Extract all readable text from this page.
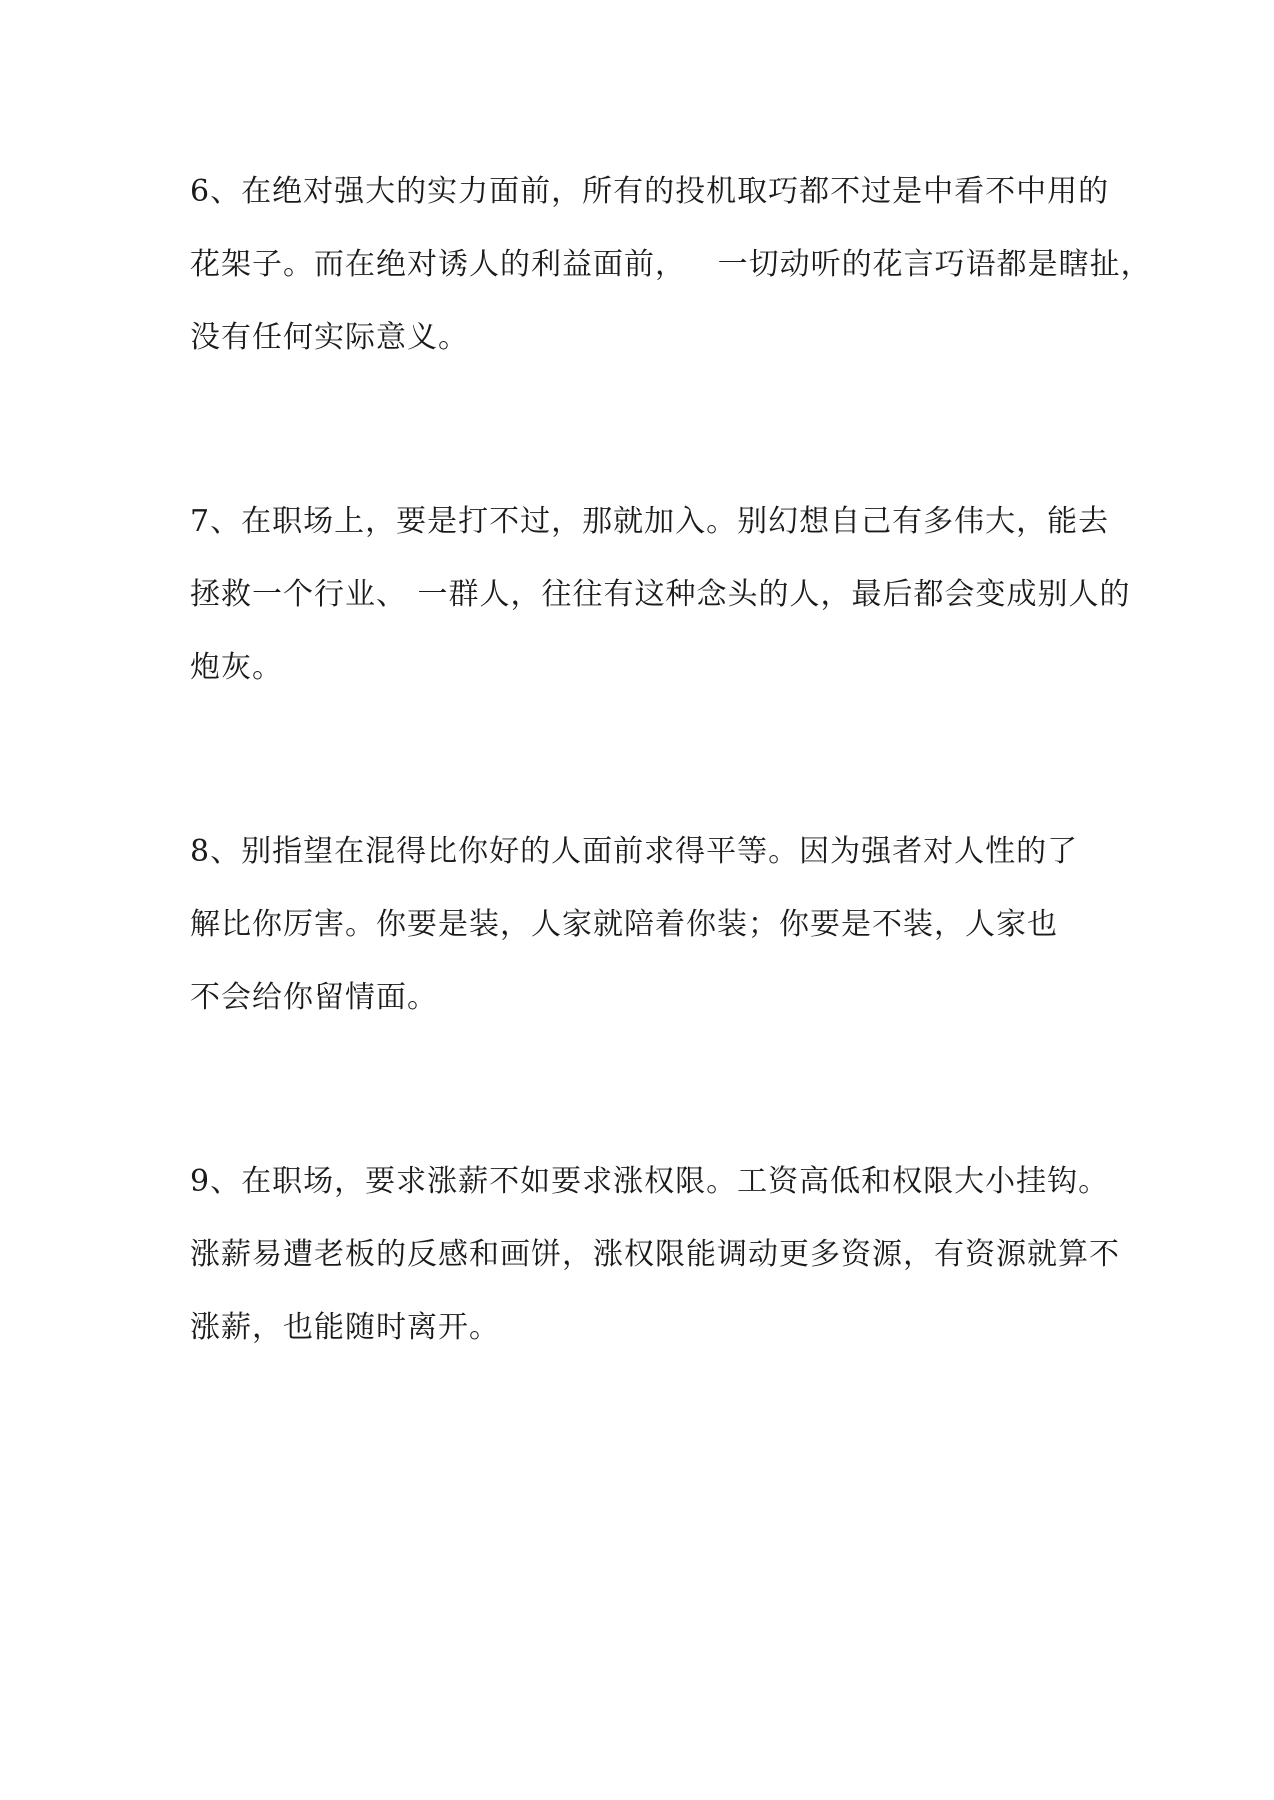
6、在绝对强大的实力面前，所有的投机取巧都不过是中看不中用的
花架子。而在绝对诱人的利益面前，   一切动听的花言巧语都是瞎扯，
没有任何实际意义。
7、在职场上，要是打不过，那就加入。别幻想自己有多伟大，能去
拯救一个行业、 一群人，往往有这种念头的人，最后都会变成别人的
炮灰。
8、别指望在混得比你好的人面前求得平等。因为强者对人性的了
解比你厉害。你要是装，人家就陪着你装；你要是不装，人家也
不会给你留情面。
9、在职场，要求涨薪不如要求涨权限。工资高低和权限大小挂钩。
涨薪易遭老板的反感和画饼，涨权限能调动更多资源，有资源就算不
涨薪，也能随时离开。
